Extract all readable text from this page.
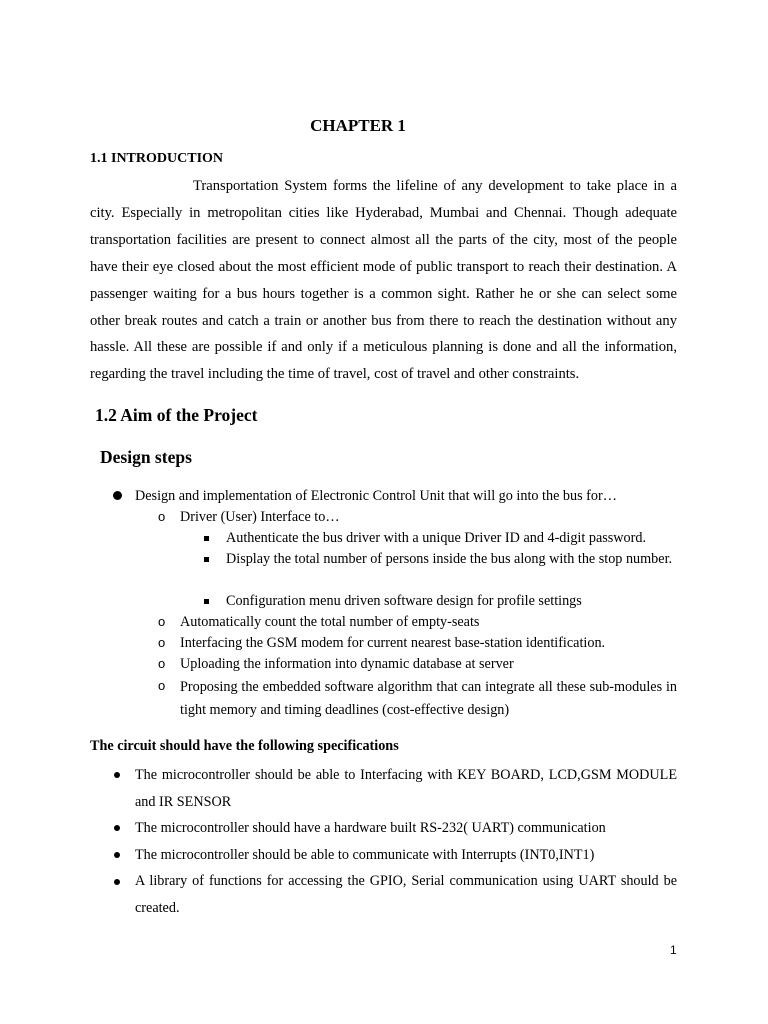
CHAPTER 1
1.1 INTRODUCTION
Transportation System forms the lifeline of any development to take place in a city. Especially in metropolitan cities like Hyderabad, Mumbai and Chennai. Though adequate transportation facilities are present to connect almost all the parts of the city, most of the people have their eye closed about the most efficient mode of public transport to reach their destination. A passenger waiting for a bus hours together is a common sight. Rather he or she can select some other break routes and catch a train or another bus from there to reach the destination without any hassle. All these are possible if and only if a meticulous planning is done and all the information, regarding the travel including the time of travel, cost of travel and other constraints.
1.2 Aim of the Project
Design steps
Design and implementation of Electronic Control Unit that will go into the bus for…
o Driver (User) Interface to…
Authenticate the bus driver with a unique Driver ID and 4-digit password.
Display the total number of persons inside the bus along with the stop number.
Configuration menu driven software design for profile settings
o Automatically count the total number of empty-seats
o Interfacing the GSM modem for current nearest base-station identification.
o Uploading the information into dynamic database at server
o Proposing the embedded software algorithm that can integrate all these sub-modules in tight memory and timing deadlines (cost-effective design)
The circuit should have the following specifications
The microcontroller should be able to Interfacing with KEY BOARD, LCD,GSM MODULE and IR SENSOR
The microcontroller should have a hardware built RS-232( UART) communication
The microcontroller should be able to communicate with Interrupts (INT0,INT1)
A library of functions for accessing the GPIO, Serial communication using UART should be created.
1
